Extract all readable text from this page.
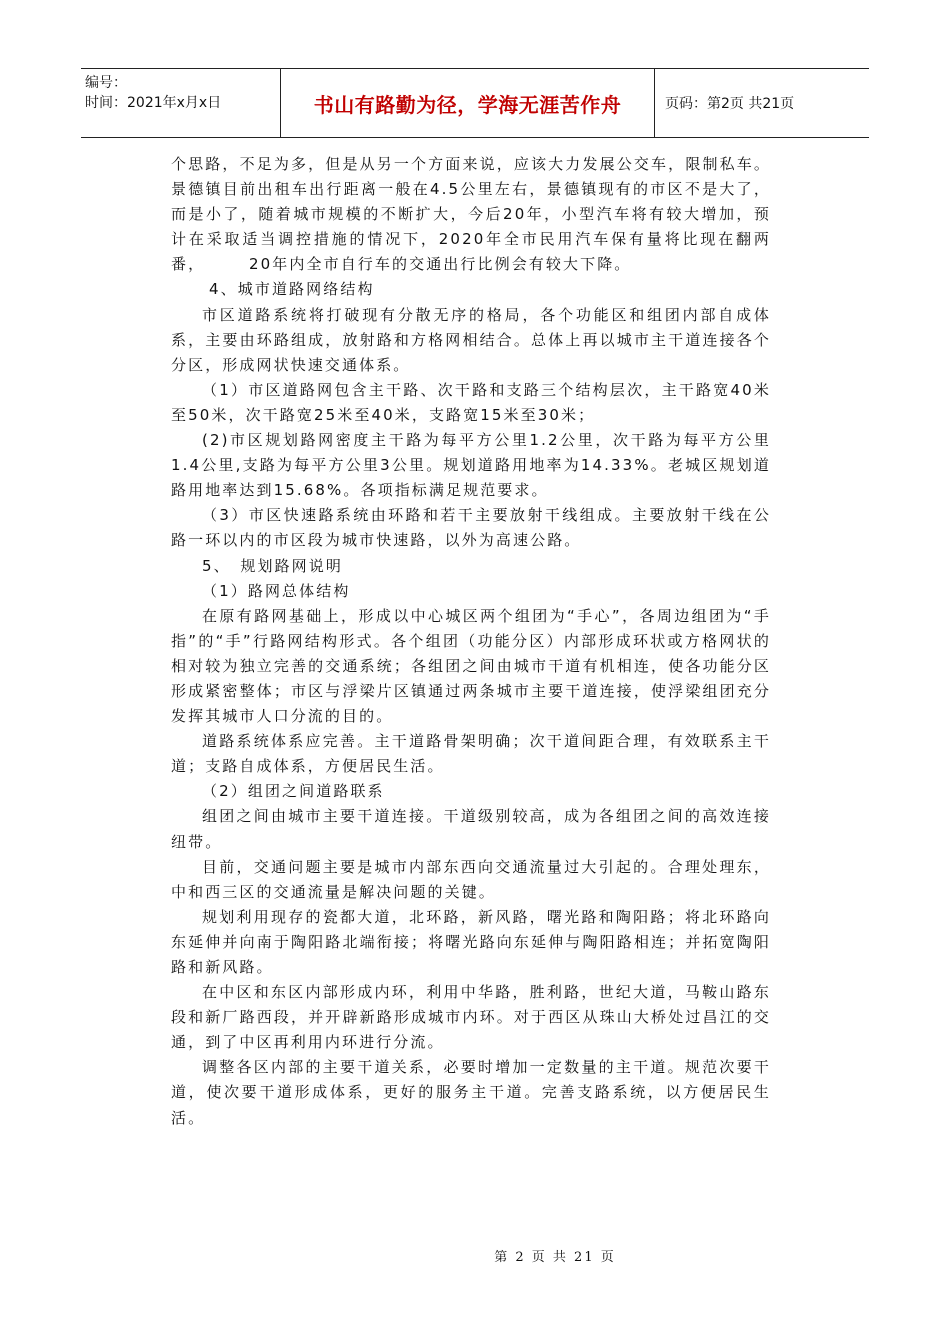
编号：
时间：2021年x月x日	书山有路勤为径，学海无涯苦作舟	页码：第2页 共21页

个思路，不足为多，但是从另一个方面来说，应该大力发展公交车，限制私车。景德镇目前出租车出行距离一般在4.5公里左右，景德镇现有的市区不是大了，而是小了，随着城市规模的不断扩大，今后20年，小型汽车将有较大增加，预计在采取适当调控措施的情况下，2020年全市民用汽车保有量将比现在翻两番，　　　20年内全市自行车的交通出行比例会有较大下降。

4、城市道路网络结构

市区道路系统将打破现有分散无序的格局，各个功能区和组团内部自成体系，主要由环路组成，放射路和方格网相结合。总体上再以城市主干道连接各个分区，形成网状快速交通体系。

（1）市区道路网包含主干路、次干路和支路三个结构层次，主干路宽40米至50米，次干路宽25米至40米，支路宽15米至30米；

(2)市区规划路网密度主干路为每平方公里1.2公里，次干路为每平方公里1.4公里,支路为每平方公里3公里。规划道路用地率为14.33%。老城区规划道路用地率达到15.68%。各项指标满足规范要求。

（3）市区快速路系统由环路和若干主要放射干线组成。主要放射干线在公路一环以内的市区段为城市快速路，以外为高速公路。

5、　规划路网说明

（1）路网总体结构

在原有路网基础上，形成以中心城区两个组团为“手心”，各周边组团为“手指”的“手”行路网结构形式。各个组团（功能分区）内部形成环状或方格网状的相对较为独立完善的交通系统；各组团之间由城市干道有机相连，使各功能分区形成紧密整体；市区与浮梁片区镇通过两条城市主要干道连接，使浮梁组团充分发挥其城市人口分流的目的。

道路系统体系应完善。主干道路骨架明确；次干道间距合理，有效联系主干道；支路自成体系，方便居民生活。

（2）组团之间道路联系

组团之间由城市主要干道连接。干道级别较高，成为各组团之间的高效连接纽带。

目前，交通问题主要是城市内部东西向交通流量过大引起的。合理处理东，中和西三区的交通流量是解决问题的关键。

规划利用现存的瓷都大道，北环路，新风路，曙光路和陶阳路；将北环路向东延伸并向南于陶阳路北端衔接；将曙光路向东延伸与陶阳路相连；并拓宽陶阳路和新风路。

在中区和东区内部形成内环，利用中华路，胜利路，世纪大道，马鞍山路东段和新厂路西段，并开辟新路形成城市内环。对于西区从珠山大桥处过昌江的交通，到了中区再利用内环进行分流。

调整各区内部的主要干道关系，必要时增加一定数量的主干道。规范次要干道，使次要干道形成体系，更好的服务主干道。完善支路系统，以方便居民生活。

第 2 页 共 21 页
